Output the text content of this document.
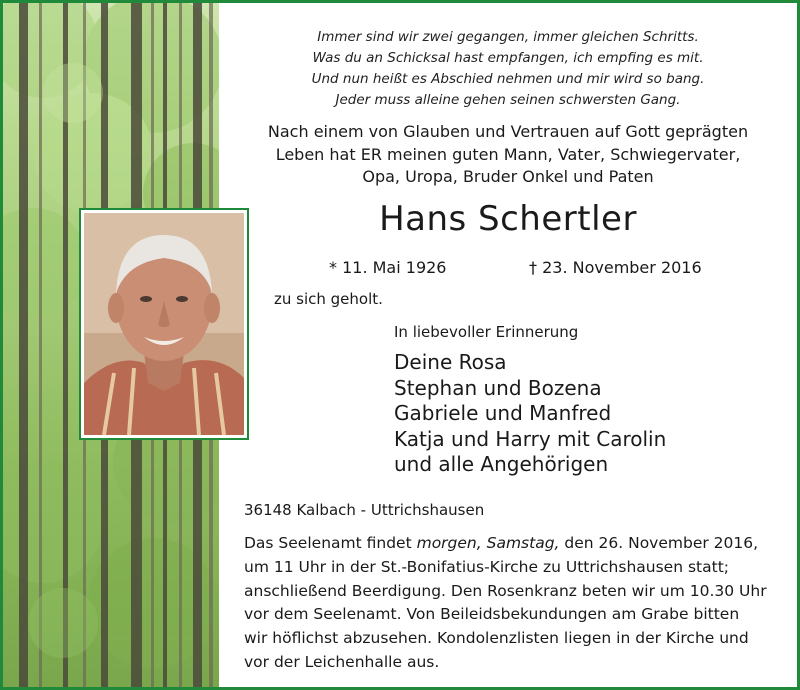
Immer sind wir zwei gegangen, immer gleichen Schritts.
Was du an Schicksal hast empfangen, ich empfing es mit.
Und nun heißt es Abschied nehmen und mir wird so bang.
Jeder muss alleine gehen seinen schwersten Gang.
Nach einem von Glauben und Vertrauen auf Gott geprägten
Leben hat ER meinen guten Mann, Vater, Schwiegervater,
Opa, Uropa, Bruder Onkel und Paten
Hans Schertler
* 11. Mai 1926	† 23. November 2016
zu sich geholt.
In liebevoller Erinnerung
Deine Rosa
Stephan und Bozena
Gabriele und Manfred
Katja und Harry mit Carolin
und alle Angehörigen
36148 Kalbach - Uttrichshausen
Das Seelenamt findet morgen, Samstag, den 26. November 2016,
um 11 Uhr in der St.-Bonifatius-Kirche zu Uttrichshausen statt;
anschließend Beerdigung. Den Rosenkranz beten wir um 10.30 Uhr
vor dem Seelenamt. Von Beileidsbekundungen am Grabe bitten
wir höflichst abzusehen. Kondolenzlisten liegen in der Kirche und
vor der Leichenhalle aus.
